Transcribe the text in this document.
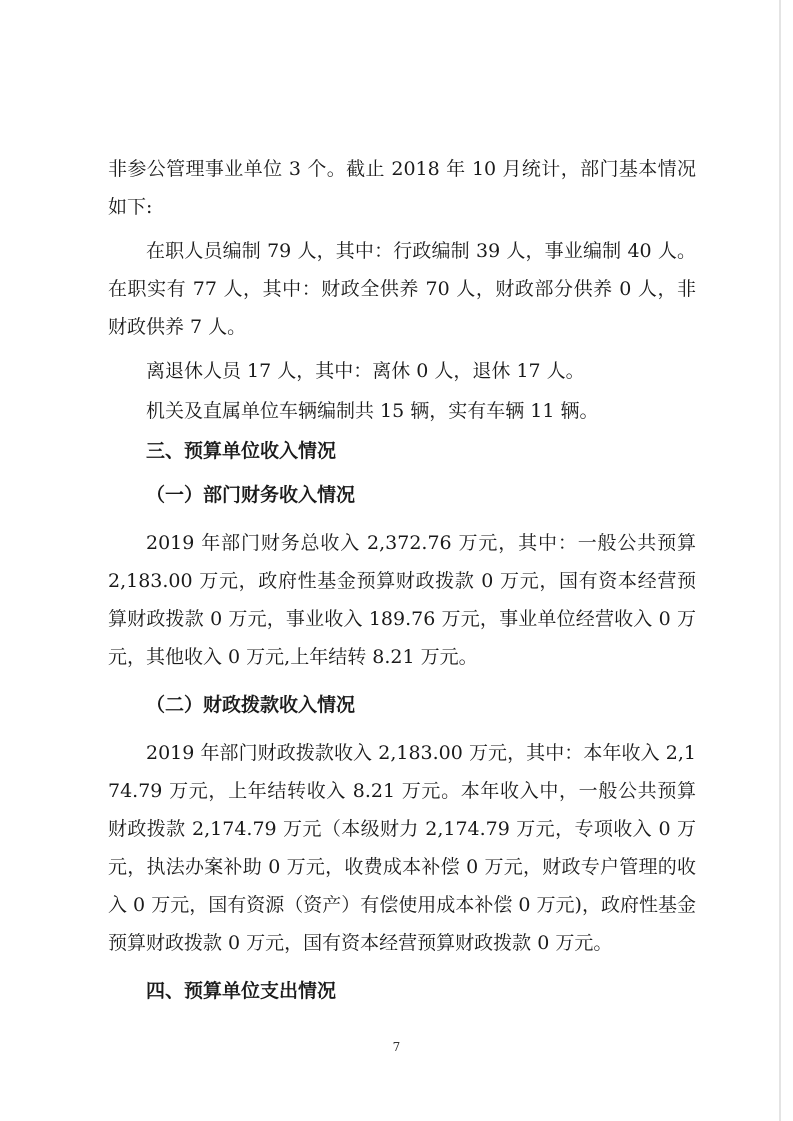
非参公管理事业单位 3 个。截止 2018 年 10 月统计，部门基本情况如下:

在职人员编制 79 人，其中：行政编制 39 人，事业编制 40 人。在职实有 77 人，其中：财政全供养 70 人，财政部分供养 0 人，非财政供养 7 人。

离退休人员 17 人，其中：离休 0 人，退休 17 人。

机关及直属单位车辆编制共 15 辆，实有车辆 11 辆。

三、预算单位收入情况
（一）部门财务收入情况

2019 年部门财务总收入 2,372.76 万元，其中：一般公共预算 2,183.00 万元，政府性基金预算财政拨款 0 万元，国有资本经营预算财政拨款 0 万元，事业收入 189.76 万元，事业单位经营收入 0 万元，其他收入 0 万元,上年结转 8.21 万元。

（二）财政拨款收入情况

2019 年部门财政拨款收入 2,183.00 万元，其中：本年收入 2,174.79 万元，上年结转收入 8.21 万元。本年收入中，一般公共预算财政拨款 2,174.79 万元（本级财力 2,174.79 万元，专项收入 0 万元，执法办案补助 0 万元，收费成本补偿 0 万元，财政专户管理的收入 0 万元，国有资源（资产）有偿使用成本补偿 0 万元)，政府性基金预算财政拨款 0 万元，国有资本经营预算财政拨款 0 万元。

四、预算单位支出情况
7
